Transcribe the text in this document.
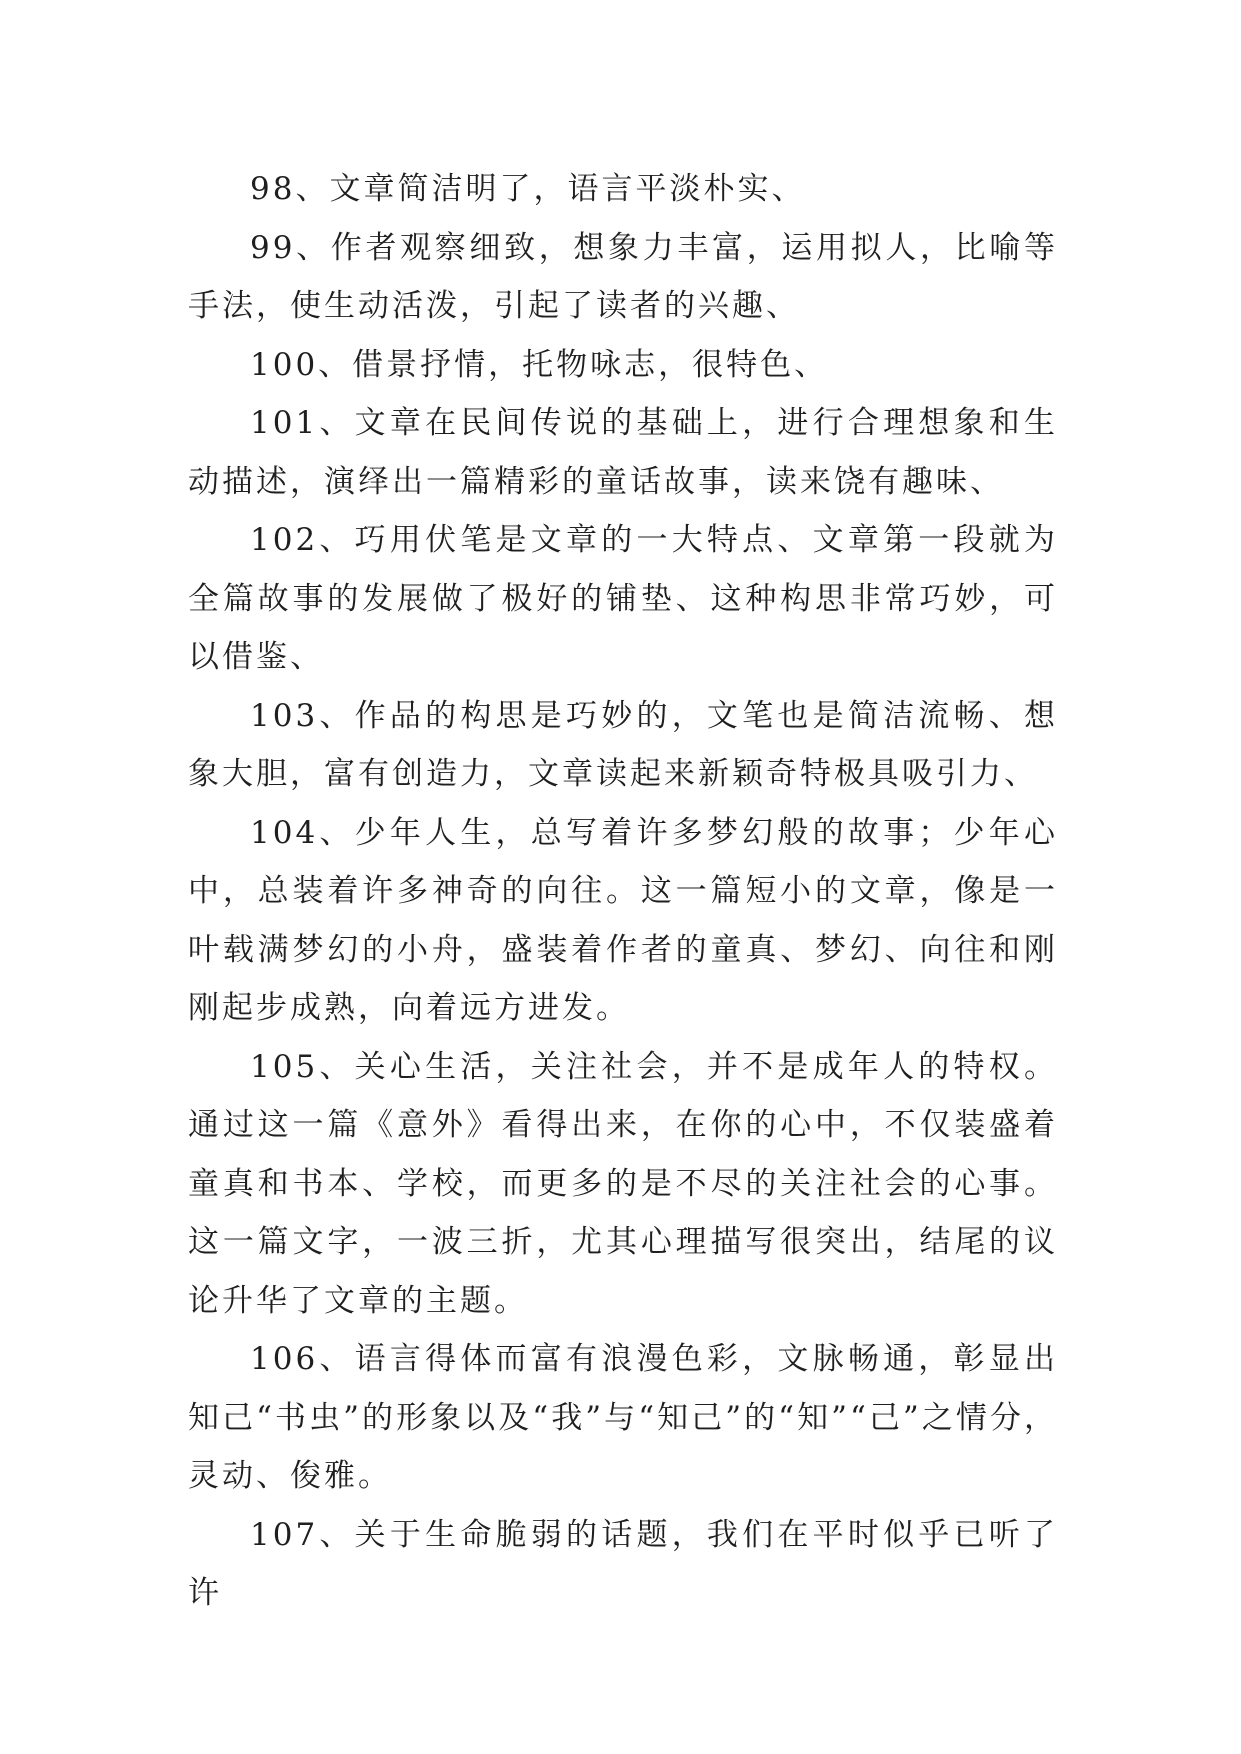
98、文章简洁明了，语言平淡朴实、

99、作者观察细致，想象力丰富，运用拟人，比喻等手法，使生动活泼，引起了读者的兴趣、

100、借景抒情，托物咏志，很特色、

101、文章在民间传说的基础上，进行合理想象和生动描述，演绎出一篇精彩的童话故事，读来饶有趣味、

102、巧用伏笔是文章的一大特点、文章第一段就为全篇故事的发展做了极好的铺垫、这种构思非常巧妙，可以借鉴、

103、作品的构思是巧妙的，文笔也是简洁流畅、想象大胆，富有创造力，文章读起来新颖奇特极具吸引力、

104、少年人生，总写着许多梦幻般的故事；少年心中，总装着许多神奇的向往。这一篇短小的文章，像是一叶载满梦幻的小舟，盛装着作者的童真、梦幻、向往和刚刚起步成熟，向着远方进发。

105、关心生活，关注社会，并不是成年人的特权。通过这一篇《意外》看得出来，在你的心中，不仅装盛着童真和书本、学校，而更多的是不尽的关注社会的心事。这一篇文字，一波三折，尤其心理描写很突出，结尾的议论升华了文章的主题。

106、语言得体而富有浪漫色彩，文脉畅通，彰显出知己“书虫”的形象以及“我”与“知己”的“知”“己”之情分，灵动、俊雅。

107、关于生命脆弱的话题，我们在平时似乎已听了许
